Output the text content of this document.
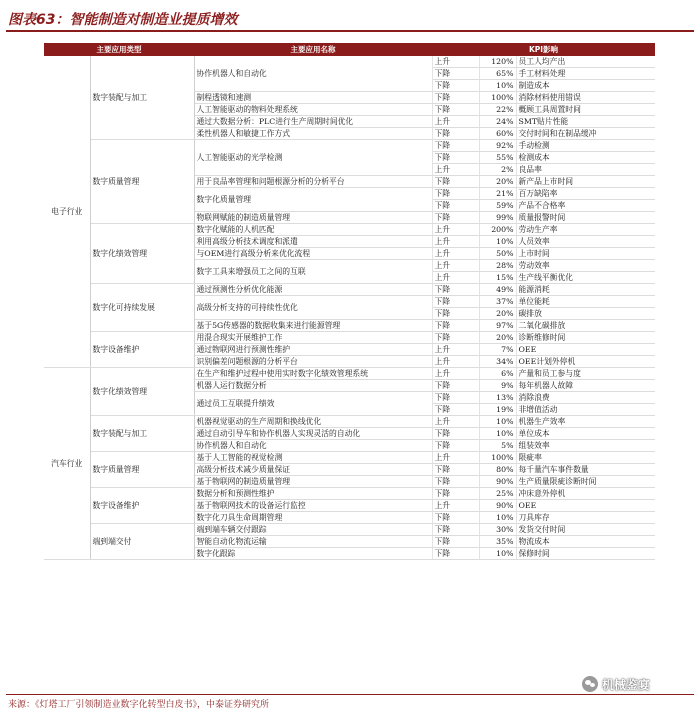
图表63：智能制造对制造业提质增效
主要应用类型		主要应用名称	KPI影响		
电子行业	数字装配与加工	协作机器人和自动化	上升	120%	员工人均产出
			下降	65%	手工材料处理
			下降	10%	制造成本
		制程透镜和速测	下降	100%	消除材料使用错误
		人工智能驱动的物料处理系统	下降	22%	概顾工具周置时间
		通过大数据分析：PLC进行生产周期时间优化	上升	24%	SMT贴片性能
		柔性机器人和敏捷工作方式	下降	60%	交付时间和在制品缓冲
	数字质量管理	人工智能驱动的光学检测	下降	92%	手动检测
			下降	55%	检测成本
			上升	2%	良品率
		用于良品率管理和问题根源分析的分析平台	下降	20%	新产品上市时间
		数字化质量管理	下降	21%	百万缺陷率
			下降	59%	产品不合格率
		物联网赋能的制造质量管理	下降	99%	质量报警时间
	数字化绩效管理	数字化赋能的人机匹配	上升	200%	劳动生产率
		利用高级分析技术调度和派遣	上升	10%	人员效率
		与OEM进行高级分析来优化流程	上升	50%	上市时间
		数字工具来增强员工之间的互联	上升	28%	劳动效率
			上升	15%	生产线平衡优化
	数字化可持续发展	通过预测性分析优化能源	下降	49%	能源消耗
		高级分析支持的可持续性优化	下降	37%	单位能耗
			下降	20%	碳排放
		基于5G传感器的数据收集来进行能源管理	下降	97%	二氧化碳排放
	数字设备维护	用混合现实开展维护工作	下降	20%	诊断维修时间
		通过物联网进行预测性维护	上升	7%	OEE
		识别偏差问题根源的分析平台	上升	34%	OEE计划外停机
汽车行业	数字化绩效管理	在生产和维护过程中使用实时数字化绩效管理系统	上升	6%	产量和员工参与度
		机器人运行数据分析	下降	9%	每年机器人故障
		通过员工互联提升绩效	下降	13%	消除浪费
			下降	19%	非增值活动
	数字装配与加工	机器视觉驱动的生产周期和换线优化	上升	10%	机器生产效率
		通过自动引导车和协作机器人实现灵活的自动化	下降	10%	单位成本
		协作机器人和自动化	下降	5%	组装效率
	数字质量管理	基于人工智能的视觉检测	上升	100%	限疵率
		高级分析技术减少质量保证	下降	80%	每千量汽车事件数量
		基于物联网的制造质量管理	下降	90%	生产质量限疵诊断时间
	数字设备维护	数据分析和预测性维护	下降	25%	冲床意外停机
		基于物联网技术的设备运行监控	上升	90%	OEE
		数字化刀具生命周期管理	下降	10%	刀具库存
	端到端交付	端到端车辆交付跟踪	下降	30%	发货交付时间
		智能自动化物流运输	下降	35%	物流成本
		数字化跟踪	下降	10%	保修时间
机械鉴宴
来源：《灯塔工厂引领制造业数字化转型白皮书》，中泰证券研究所
